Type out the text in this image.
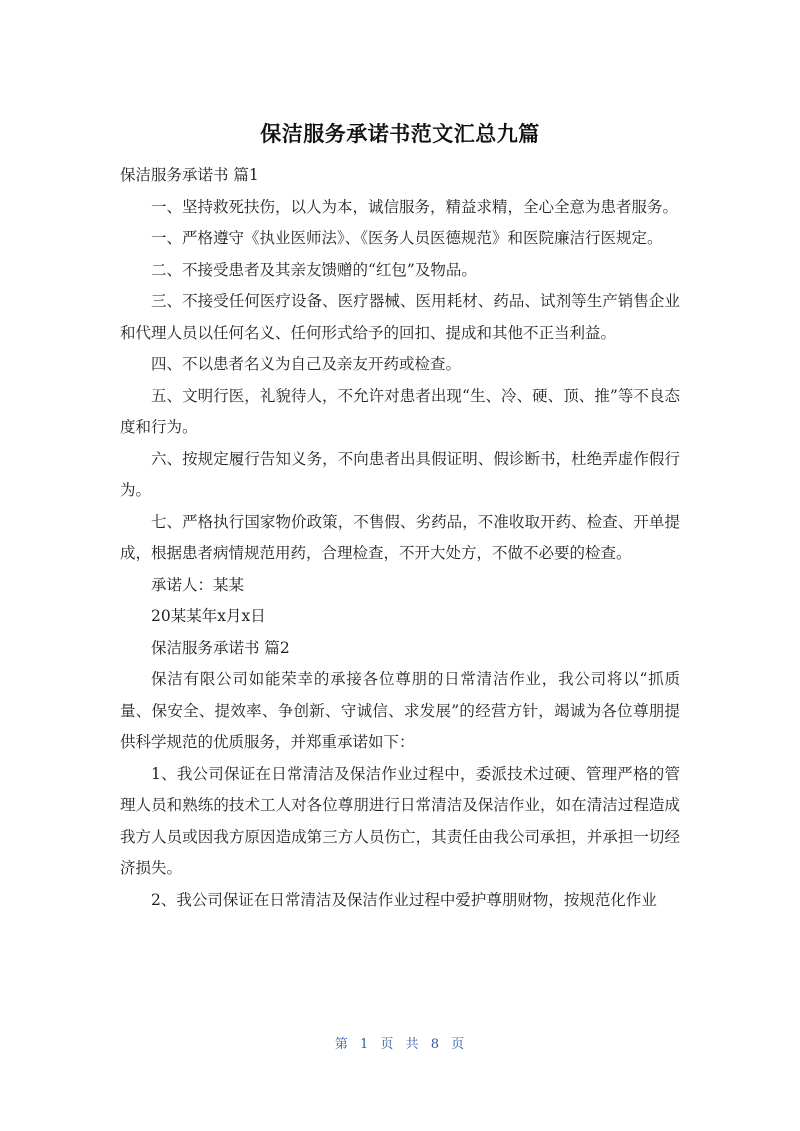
保洁服务承诺书范文汇总九篇
保洁服务承诺书 篇1

一、坚持救死扶伤，以人为本，诚信服务，精益求精，全心全意为患者服务。

一、严格遵守《执业医师法》、《医务人员医德规范》和医院廉洁行医规定。

二、不接受患者及其亲友馈赠的“红包”及物品。

三、不接受任何医疗设备、医疗器械、医用耗材、药品、试剂等生产销售企业和代理人员以任何名义、任何形式给予的回扣、提成和其他不正当利益。

四、不以患者名义为自己及亲友开药或检查。

五、文明行医，礼貌待人，不允许对患者出现“生、冷、硬、顶、推”等不良态度和行为。

六、按规定履行告知义务，不向患者出具假证明、假诊断书，杜绝弄虚作假行为。

七、严格执行国家物价政策，不售假、劣药品，不准收取开药、检查、开单提成，根据患者病情规范用药，合理检查，不开大处方，不做不必要的检查。

承诺人：某某

20某某年x月x日

保洁服务承诺书 篇2

保洁有限公司如能荣幸的承接各位尊朋的日常清洁作业，我公司将以“抓质量、保安全、提效率、争创新、守诚信、求发展”的经营方针，竭诚为各位尊朋提供科学规范的优质服务，并郑重承诺如下：

1、我公司保证在日常清洁及保洁作业过程中，委派技术过硬、管理严格的管理人员和熟练的技术工人对各位尊朋进行日常清洁及保洁作业，如在清洁过程造成我方人员或因我方原因造成第三方人员伤亡，其责任由我公司承担，并承担一切经济损失。

2、我公司保证在日常清洁及保洁作业过程中爱护尊朋财物，按规范化作业

第 1 页 共 8 页
